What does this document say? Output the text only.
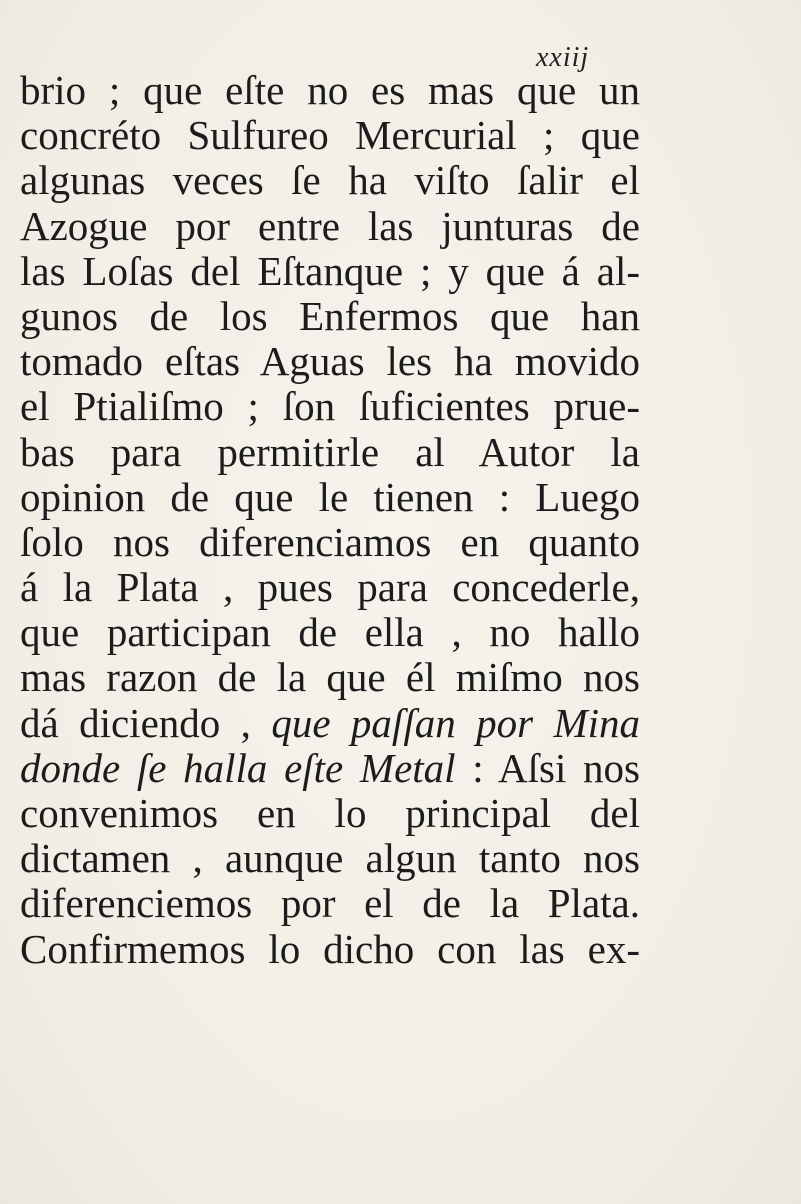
xxiij
brio ; que eſte no es mas que un
concréto Sulfureo Mercurial ; que
algunas veces ſe ha viſto ſalir el
Azogue por entre las junturas de
las Loſas del Eſtanque ; y que á al-
gunos de los Enfermos que han
tomado eſtas Aguas les ha movido
el Ptialiſmo ; ſon ſuficientes prue-
bas para permitirle al Autor la
opinion de que le tienen : Luego
ſolo nos diferenciamos en quanto
á la Plata , pues para concederle,
que participan de ella , no hallo
mas razon de la que él miſmo nos
dá diciendo , que paſſan por Mina
donde ſe halla eſte Metal : Aſsi nos
convenimos en lo principal del
dictamen , aunque algun tanto nos
diferenciemos por el de la Plata.
Confirmemos lo dicho con las ex-
